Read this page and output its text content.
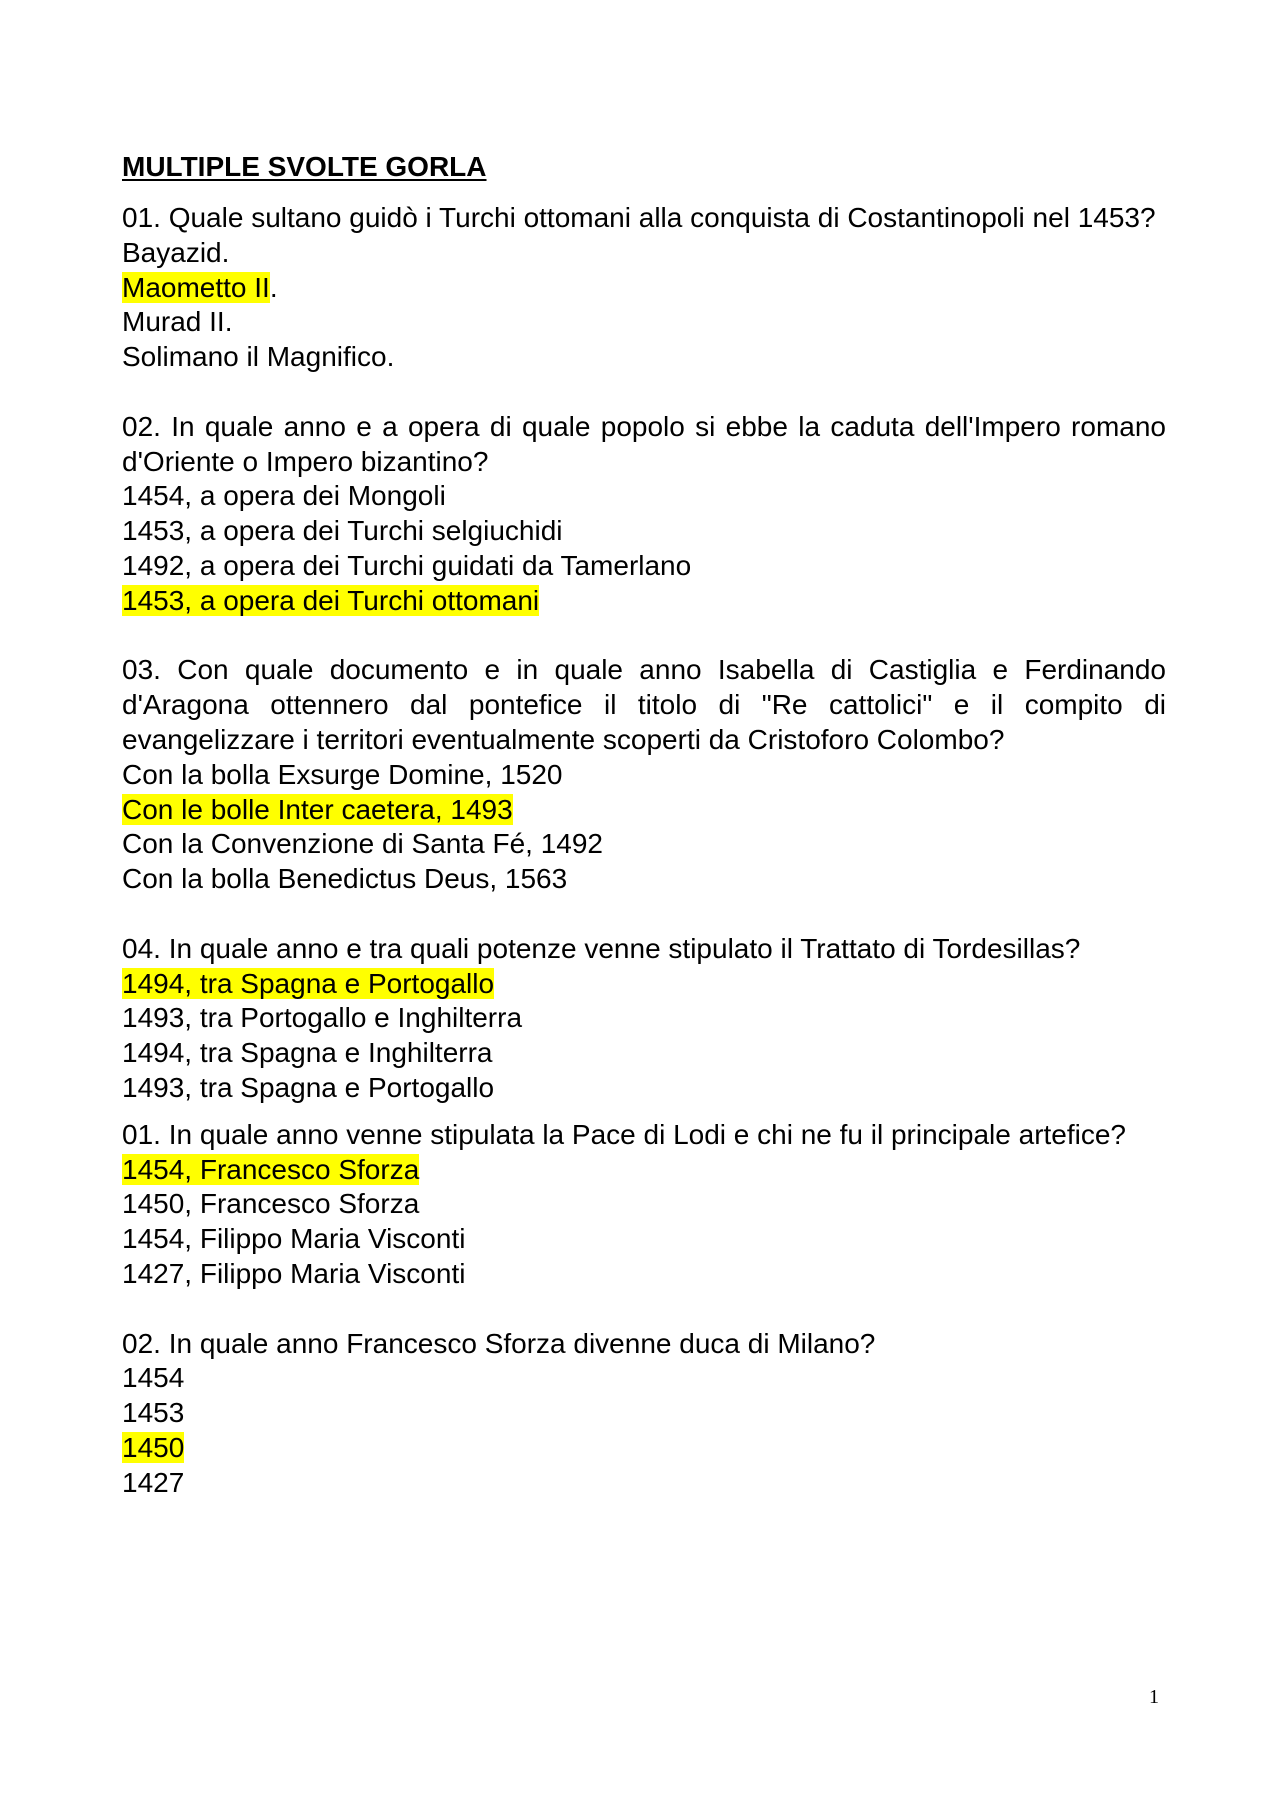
MULTIPLE SVOLTE GORLA

01. Quale sultano guidò i Turchi ottomani alla conquista di Costantinopoli nel 1453?

Bayazid.

Maometto II.

Murad II.

Solimano il Magnifico.

02. In quale anno e a opera di quale popolo si ebbe la caduta dell'Impero romano d'Oriente o Impero bizantino?

1454, a opera dei Mongoli

1453, a opera dei Turchi selgiuchidi

1492, a opera dei Turchi guidati da Tamerlano

1453, a opera dei Turchi ottomani

03. Con quale documento e in quale anno Isabella di Castiglia e Ferdinando d'Aragona ottennero dal pontefice il titolo di "Re cattolici" e il compito di evangelizzare i territori eventualmente scoperti da Cristoforo Colombo?

Con la bolla Exsurge Domine, 1520

Con le bolle Inter caetera, 1493

Con la Convenzione di Santa Fé, 1492

Con la bolla Benedictus Deus, 1563

04. In quale anno e tra quali potenze venne stipulato il Trattato di Tordesillas?

1494, tra Spagna e Portogallo

1493, tra Portogallo e Inghilterra

1494, tra Spagna e Inghilterra

1493, tra Spagna e Portogallo

01. In quale anno venne stipulata la Pace di Lodi e chi ne fu il principale artefice?

1454, Francesco Sforza

1450, Francesco Sforza

1454, Filippo Maria Visconti

1427, Filippo Maria Visconti

02. In quale anno Francesco Sforza divenne duca di Milano?

1454

1453

1450

1427

1
